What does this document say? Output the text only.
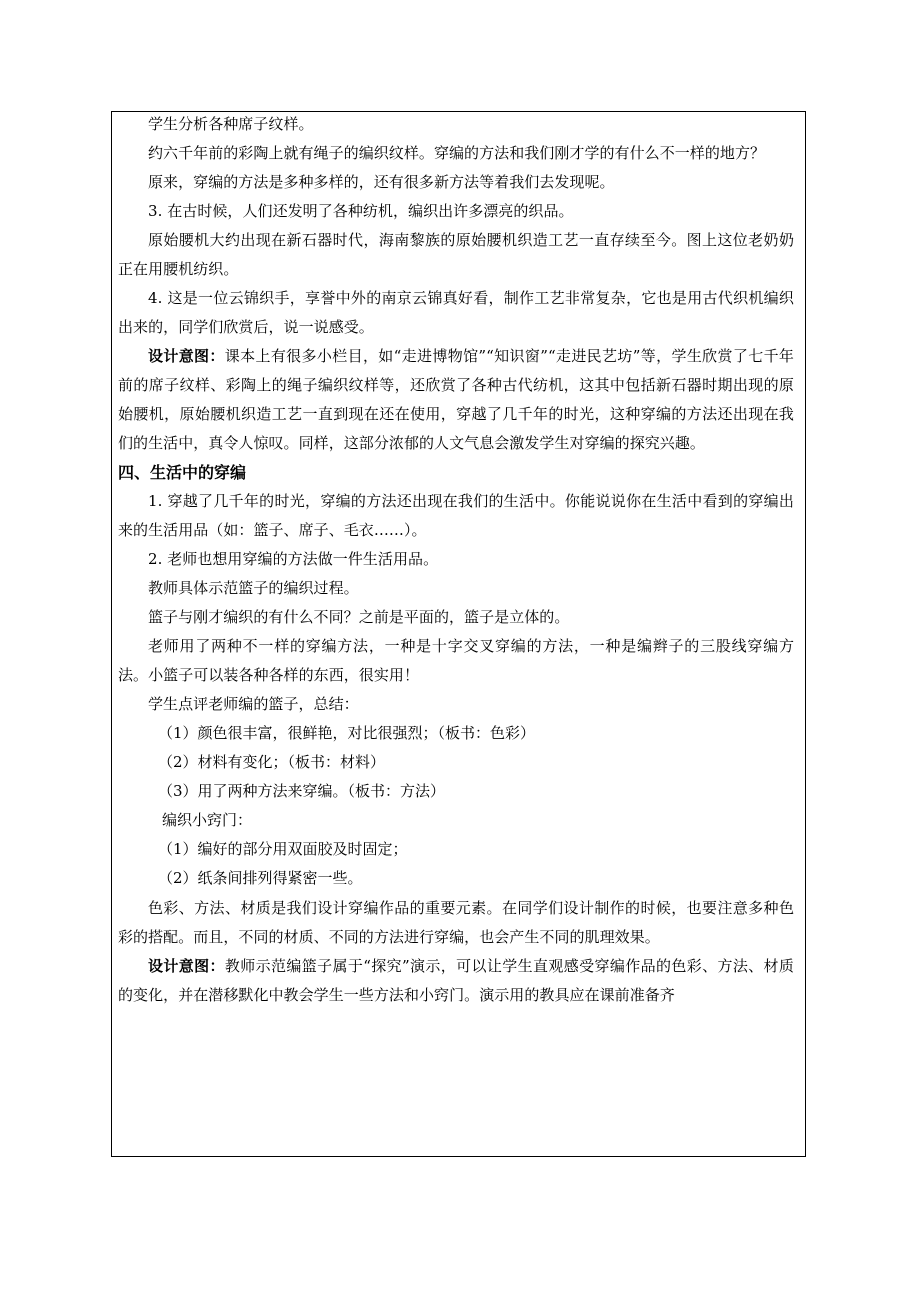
学生分析各种席子纹样。

约六千年前的彩陶上就有绳子的编织纹样。穿编的方法和我们刚才学的有什么不一样的地方？

原来，穿编的方法是多种多样的，还有很多新方法等着我们去发现呢。

3. 在古时候，人们还发明了各种纺机，编织出许多漂亮的织品。

原始腰机大约出现在新石器时代，海南黎族的原始腰机织造工艺一直存续至今。图上这位老奶奶正在用腰机纺织。

4. 这是一位云锦织手，享誉中外的南京云锦真好看，制作工艺非常复杂，它也是用古代织机编织出来的，同学们欣赏后，说一说感受。

设计意图：课本上有很多小栏目，如“走进博物馆”“知识窗”“走进民艺坊”等，学生欣赏了七千年前的席子纹样、彩陶上的绳子编织纹样等，还欣赏了各种古代纺机，这其中包括新石器时期出现的原始腰机，原始腰机织造工艺一直到现在还在使用，穿越了几千年的时光，这种穿编的方法还出现在我们的生活中，真令人惊叹。同样，这部分浓郁的人文气息会激发学生对穿编的探究兴趣。

四、生活中的穿编

1. 穿越了几千年的时光，穿编的方法还出现在我们的生活中。你能说说你在生活中看到的穿编出来的生活用品（如：篮子、席子、毛衣……）。

2. 老师也想用穿编的方法做一件生活用品。

教师具体示范篮子的编织过程。

篮子与刚才编织的有什么不同？之前是平面的，篮子是立体的。

老师用了两种不一样的穿编方法，一种是十字交叉穿编的方法，一种是编辫子的三股线穿编方法。小篮子可以装各种各样的东西，很实用！

学生点评老师编的篮子，总结：

（1）颜色很丰富，很鲜艳，对比很强烈；（板书：色彩）

（2）材料有变化；（板书：材料）

（3）用了两种方法来穿编。（板书：方法）

编织小窍门：

（1）编好的部分用双面胶及时固定；

（2）纸条间排列得紧密一些。

色彩、方法、材质是我们设计穿编作品的重要元素。在同学们设计制作的时候，也要注意多种色彩的搭配。而且，不同的材质、不同的方法进行穿编，也会产生不同的肌理效果。

设计意图：教师示范编篮子属于“探究”演示，可以让学生直观感受穿编作品的色彩、方法、材质的变化，并在潜移默化中教会学生一些方法和小窍门。演示用的教具应在课前准备齐
